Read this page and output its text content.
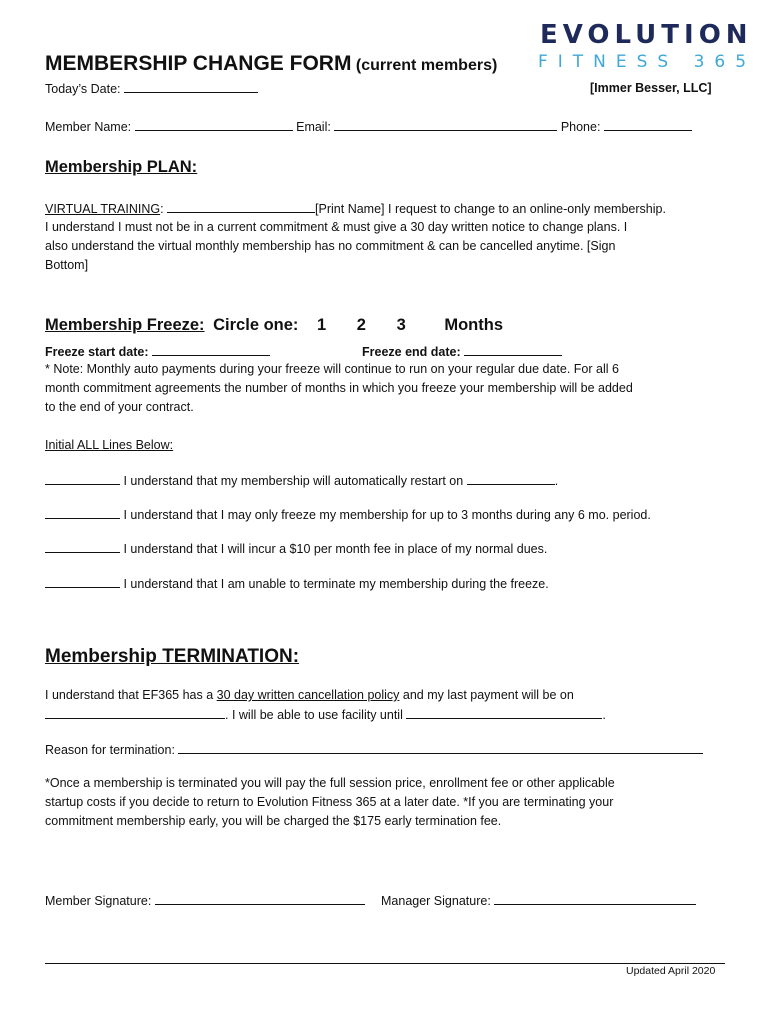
EVOLUTION
FITNESS 365
MEMBERSHIP CHANGE FORM (current members)
Today’s Date:	[Immer Besser, LLC]
Member Name:	Email:	Phone:
Membership PLAN:
VIRTUAL TRAINING:	[Print Name] I request to change to an online-only membership.
I understand I must not be in a current commitment & must give a 30 day written notice to change plans. I
also understand the virtual monthly membership has no commitment & can be cancelled anytime. [Sign
Bottom]
Membership Freeze: Circle one: 1 2 3 Months
Freeze start date:	Freeze end date:
* Note: Monthly auto payments during your freeze will continue to run on your regular due date. For all 6
month commitment agreements the number of months in which you freeze your membership will be added
to the end of your contract.
Initial ALL Lines Below:
I understand that my membership will automatically restart on	.
I understand that I may only freeze my membership for up to 3 months during any 6 mo. period.
I understand that I will incur a $10 per month fee in place of my normal dues.
I understand that I am unable to terminate my membership during the freeze.
Membership TERMINATION:
I understand that EF365 has a 30 day written cancellation policy and my last payment will be on
. I will be able to use facility until	.
Reason for termination:
*Once a membership is terminated you will pay the full session price, enrollment fee or other applicable
startup costs if you decide to return to Evolution Fitness 365 at a later date. *If you are terminating your
commitment membership early, you will be charged the $175 early termination fee.
Member Signature:	Manager Signature:
Updated April 2020
